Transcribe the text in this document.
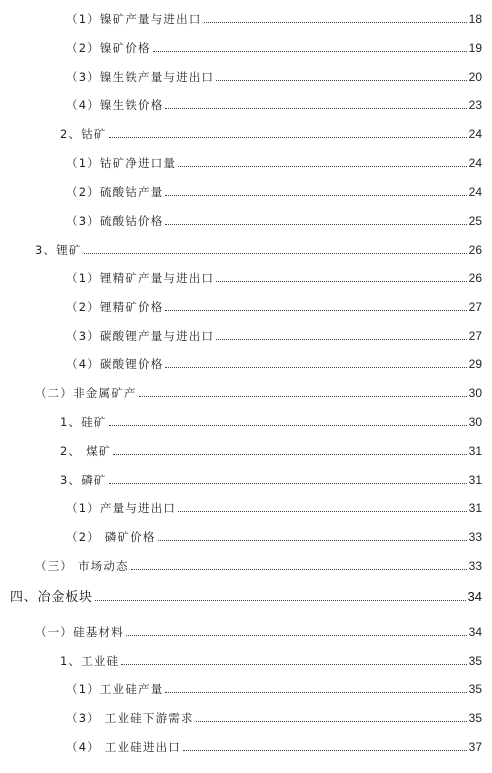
（1）镍矿产量与进出口	18
（2）镍矿价格	19
（3）镍生铁产量与进出口	20
（4）镍生铁价格	23
2、钴矿	24
（1）钴矿净进口量	24
（2）硫酸钴产量	24
（3）硫酸钴价格	25
3、锂矿	26
（1）锂精矿产量与进出口	26
（2）锂精矿价格	27
（3）碳酸锂产量与进出口	27
（4）碳酸锂价格	29
（二）非金属矿产	30
1、硅矿	30
2、 煤矿	31
3、磷矿	31
（1）产量与进出口	31
（2） 磷矿价格	33
（三） 市场动态	33
四、冶金板块	34
（一）硅基材料	34
1、工业硅	35
（1）工业硅产量	35
（3） 工业硅下游需求	35
（4） 工业硅进出口	37
